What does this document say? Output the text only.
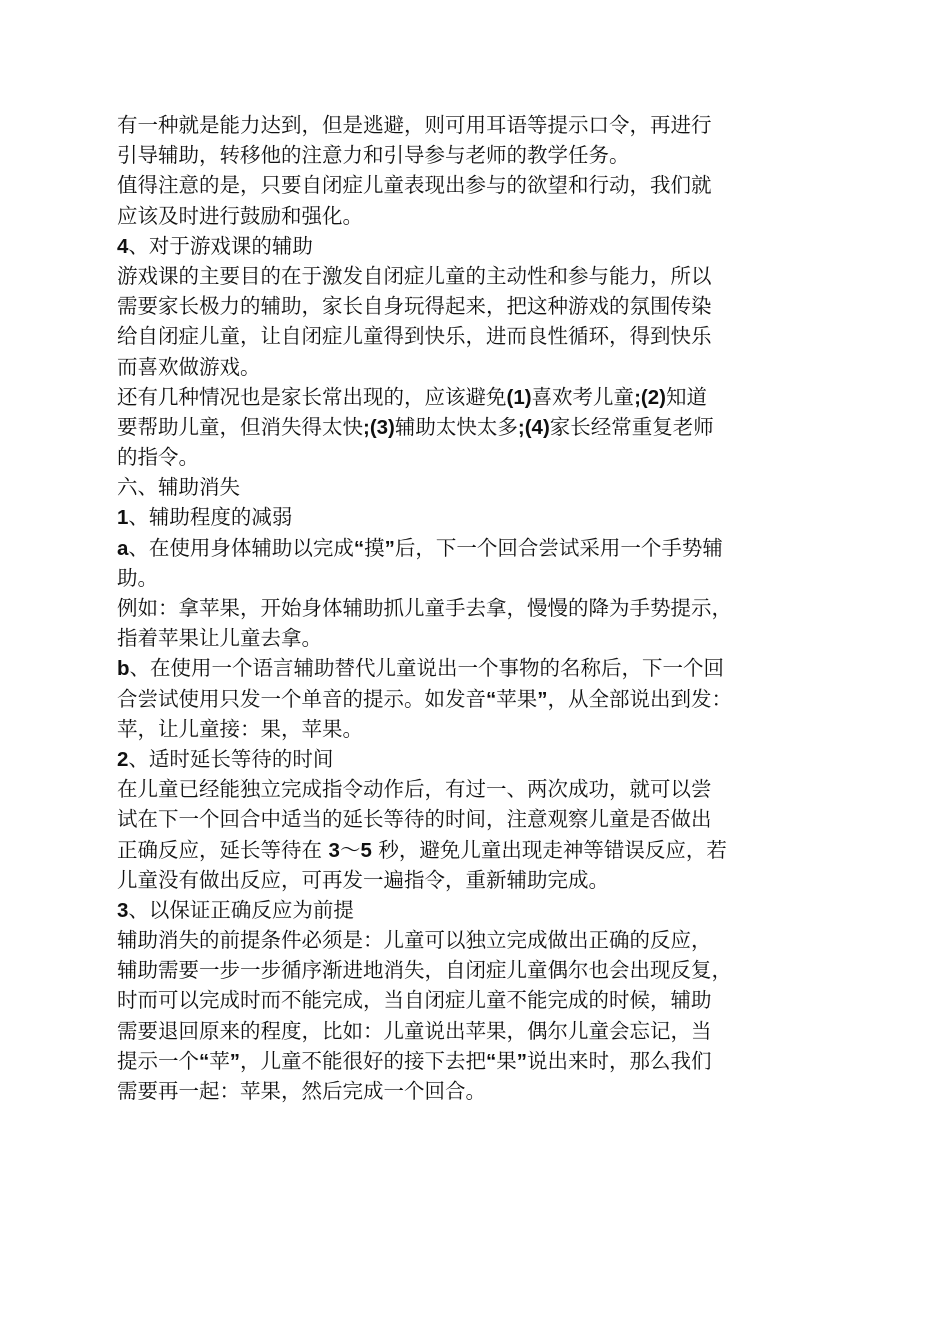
有一种就是能力达到，但是逃避，则可用耳语等提示口令，再进行
引导辅助，转移他的注意力和引导参与老师的教学任务。
值得注意的是，只要自闭症儿童表现出参与的欲望和行动，我们就
应该及时进行鼓励和强化。
4、对于游戏课的辅助
游戏课的主要目的在于激发自闭症儿童的主动性和参与能力，所以
需要家长极力的辅助，家长自身玩得起来，把这种游戏的氛围传染
给自闭症儿童，让自闭症儿童得到快乐，进而良性循环，得到快乐
而喜欢做游戏。
还有几种情况也是家长常出现的，应该避免(1)喜欢考儿童;(2)知道
要帮助儿童，但消失得太快;(3)辅助太快太多;(4)家长经常重复老师
的指令。
六、辅助消失
1、辅助程度的减弱
a、在使用身体辅助以完成“摸”后，下一个回合尝试采用一个手势辅
助。
例如：拿苹果，开始身体辅助抓儿童手去拿，慢慢的降为手势提示，
指着苹果让儿童去拿。
b、在使用一个语言辅助替代儿童说出一个事物的名称后，下一个回
合尝试使用只发一个单音的提示。如发音“苹果”，从全部说出到发：
苹，让儿童接：果，苹果。
2、适时延长等待的时间
在儿童已经能独立完成指令动作后，有过一、两次成功，就可以尝
试在下一个回合中适当的延长等待的时间，注意观察儿童是否做出
正确反应，延长等待在 3～5 秒，避免儿童出现走神等错误反应，若
儿童没有做出反应，可再发一遍指令，重新辅助完成。
3、以保证正确反应为前提
辅助消失的前提条件必须是：儿童可以独立完成做出正确的反应，
辅助需要一步一步循序渐进地消失，自闭症儿童偶尔也会出现反复，
时而可以完成时而不能完成，当自闭症儿童不能完成的时候，辅助
需要退回原来的程度，比如：儿童说出苹果，偶尔儿童会忘记，当
提示一个“苹”，儿童不能很好的接下去把“果”说出来时，那么我们
需要再一起：苹果，然后完成一个回合。
